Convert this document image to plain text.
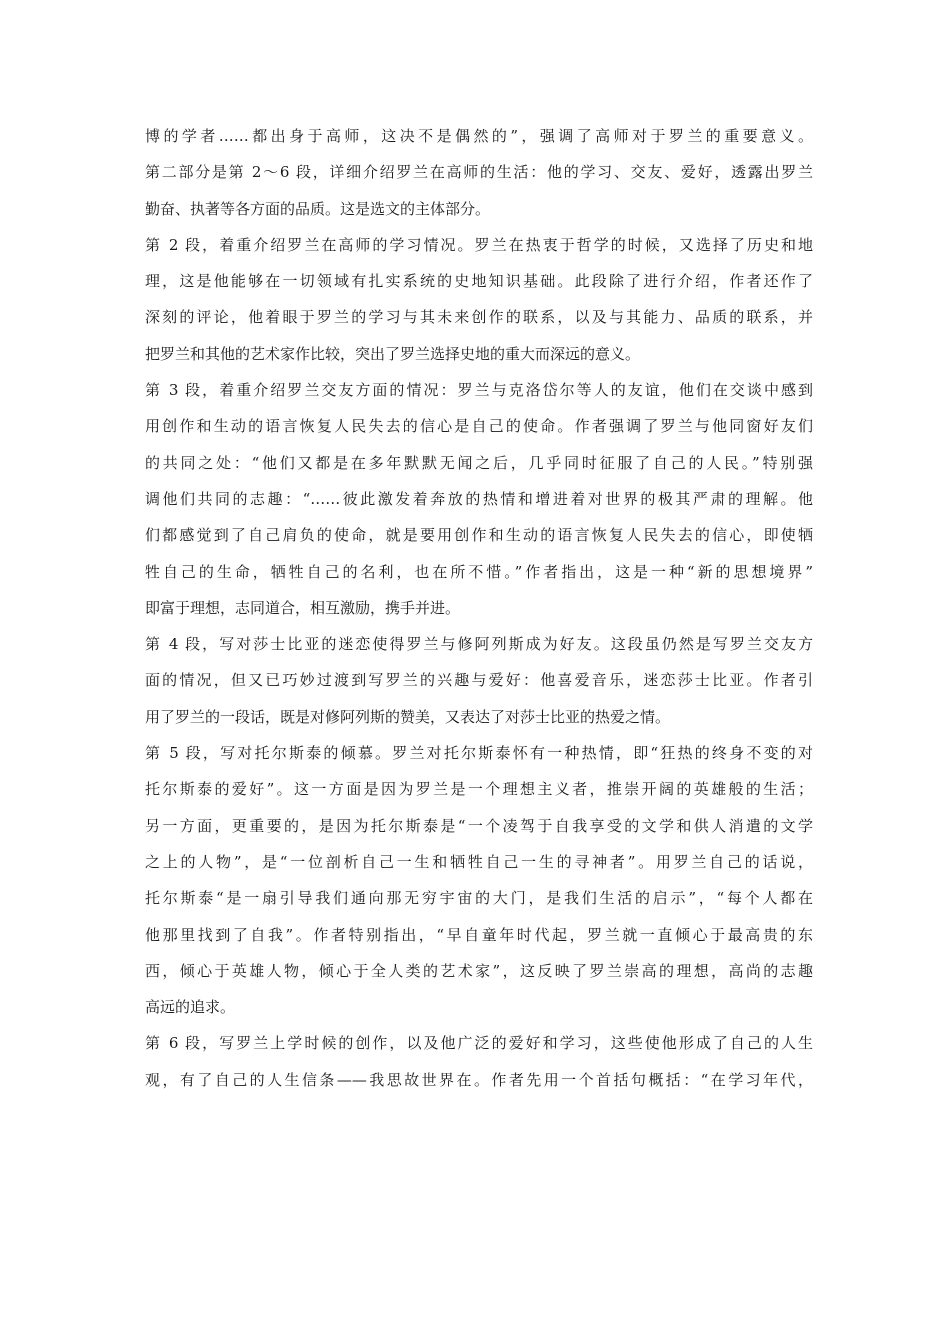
博的学者……都出身于高师，这决不是偶然的”，强调了高师对于罗兰的重要意义。
第二部分是第 2～6 段，详细介绍罗兰在高师的生活：他的学习、交友、爱好，透露出罗兰
勤奋、执著等各方面的品质。这是选文的主体部分。
第 2 段，着重介绍罗兰在高师的学习情况。罗兰在热衷于哲学的时候，又选择了历史和地
理，这是他能够在一切领域有扎实系统的史地知识基础。此段除了进行介绍，作者还作了
深刻的评论，他着眼于罗兰的学习与其未来创作的联系，以及与其能力、品质的联系，并
把罗兰和其他的艺术家作比较，突出了罗兰选择史地的重大而深远的意义。
第 3 段，着重介绍罗兰交友方面的情况：罗兰与克洛岱尔等人的友谊，他们在交谈中感到
用创作和生动的语言恢复人民失去的信心是自己的使命。作者强调了罗兰与他同窗好友们
的共同之处：“他们又都是在多年默默无闻之后，几乎同时征服了自己的人民。”特别强
调他们共同的志趣：“……彼此激发着奔放的热情和增进着对世界的极其严肃的理解。他
们都感觉到了自己肩负的使命，就是要用创作和生动的语言恢复人民失去的信心，即使牺
牲自己的生命，牺牲自己的名利，也在所不惜。”作者指出，这是一种“新的思想境界”
即富于理想，志同道合，相互激励，携手并进。
第 4 段，写对莎士比亚的迷恋使得罗兰与修阿列斯成为好友。这段虽仍然是写罗兰交友方
面的情况，但又已巧妙过渡到写罗兰的兴趣与爱好：他喜爱音乐，迷恋莎士比亚。作者引
用了罗兰的一段话，既是对修阿列斯的赞美，又表达了对莎士比亚的热爱之情。
第 5 段，写对托尔斯泰的倾慕。罗兰对托尔斯泰怀有一种热情，即“狂热的终身不变的对
托尔斯泰的爱好”。这一方面是因为罗兰是一个理想主义者，推崇开阔的英雄般的生活；
另一方面，更重要的，是因为托尔斯泰是“一个凌驾于自我享受的文学和供人消遣的文学
之上的人物”，是“一位剖析自己一生和牺牲自己一生的寻神者”。用罗兰自己的话说，
托尔斯泰“是一扇引导我们通向那无穷宇宙的大门，是我们生活的启示”，“每个人都在
他那里找到了自我”。作者特别指出，“早自童年时代起，罗兰就一直倾心于最高贵的东
西，倾心于英雄人物，倾心于全人类的艺术家”，这反映了罗兰崇高的理想，高尚的志趣
高远的追求。
第 6 段，写罗兰上学时候的创作，以及他广泛的爱好和学习，这些使他形成了自己的人生
观，有了自己的人生信条——我思故世界在。作者先用一个首括句概括：“在学习年代，
